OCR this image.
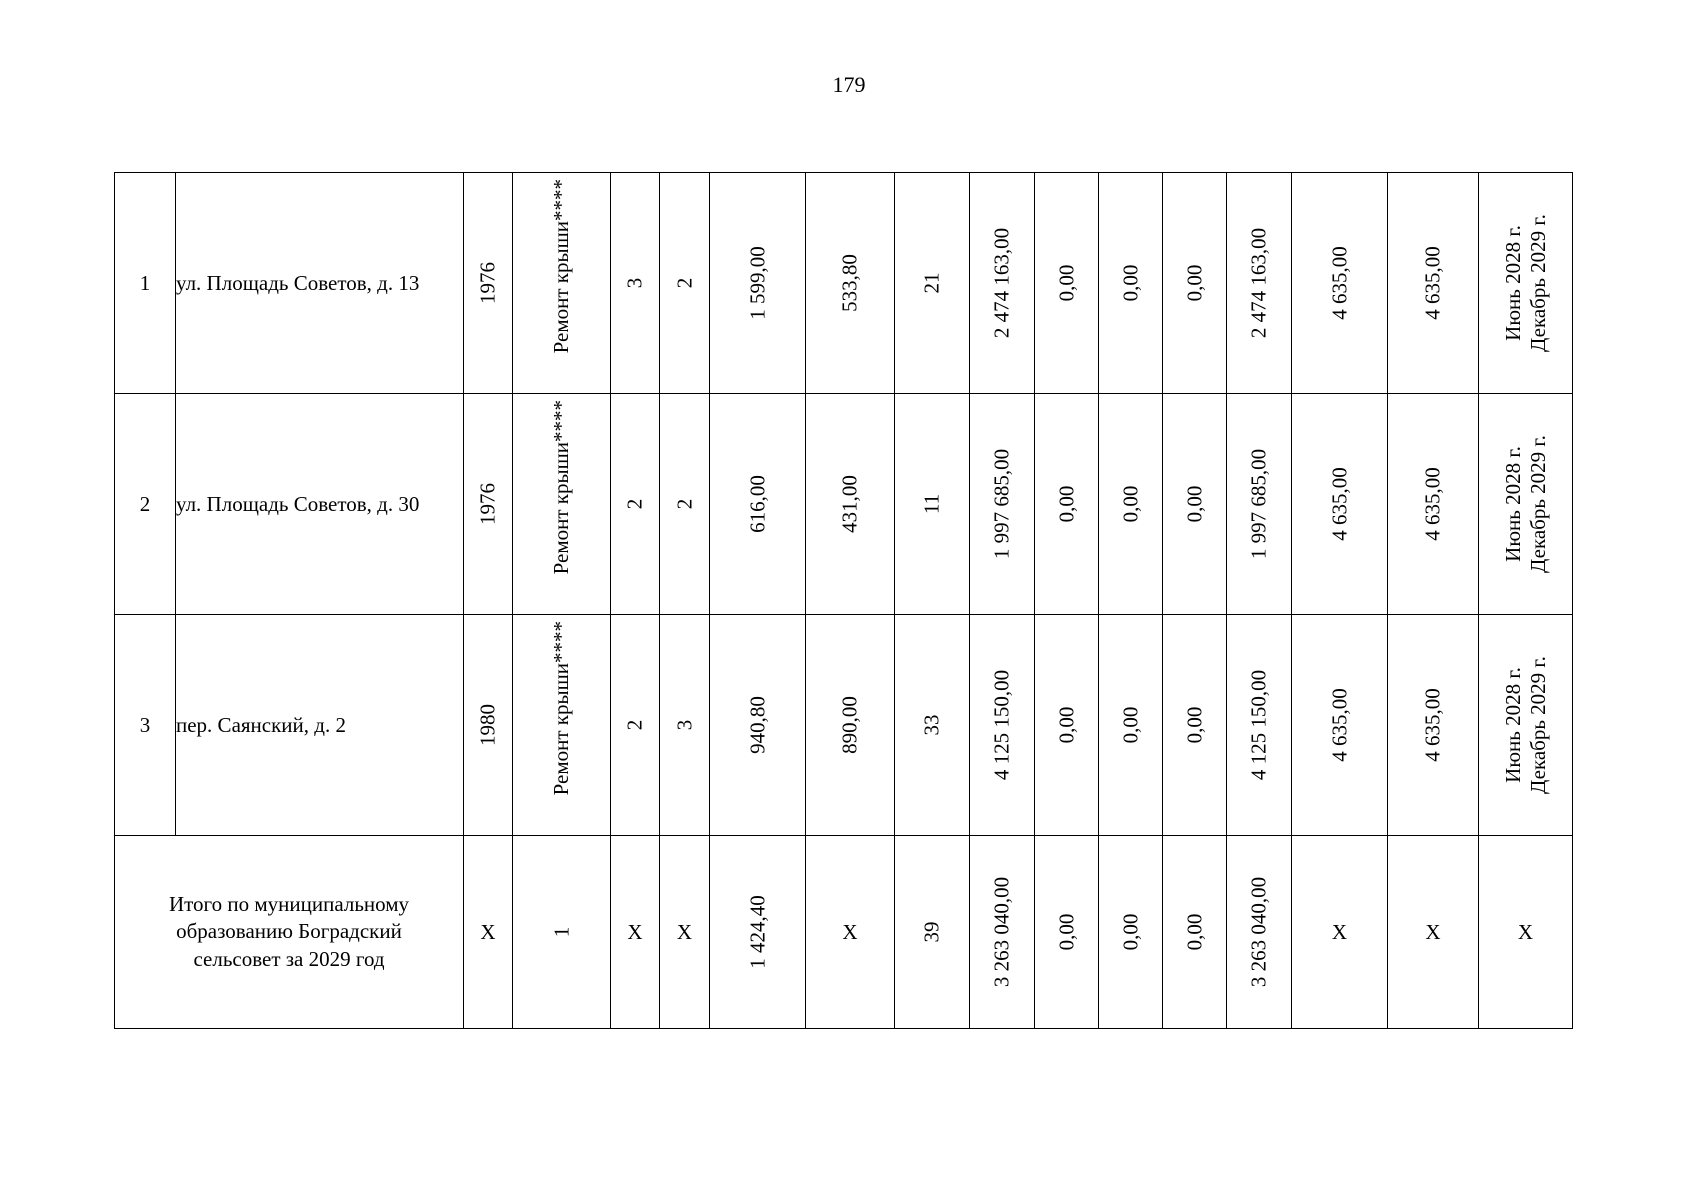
179
1	ул. Площадь Советов, д. 13	1976	Ремонт крыши****	3	2	1 599,00	533,80	21	2 474 163,00	0,00	0,00	0,00	2 474 163,00	4 635,00	4 635,00	Июнь 2028 г. Декабрь 2029 г.

2	ул. Площадь Советов, д. 30	1976	Ремонт крыши****	2	2	616,00	431,00	11	1 997 685,00	0,00	0,00	0,00	1 997 685,00	4 635,00	4 635,00	Июнь 2028 г. Декабрь 2029 г.

3	пер. Саянский, д. 2	1980	Ремонт крыши****	2	3	940,80	890,00	33	4 125 150,00	0,00	0,00	0,00	4 125 150,00	4 635,00	4 635,00	Июнь 2028 г. Декабрь 2029 г.

Итого по муниципальному
образованию Боградский
сельсовет за 2029 год		Х	1	Х	Х	1 424,40	Х	39	3 263 040,00	0,00	0,00	0,00	3 263 040,00	Х	Х	Х
